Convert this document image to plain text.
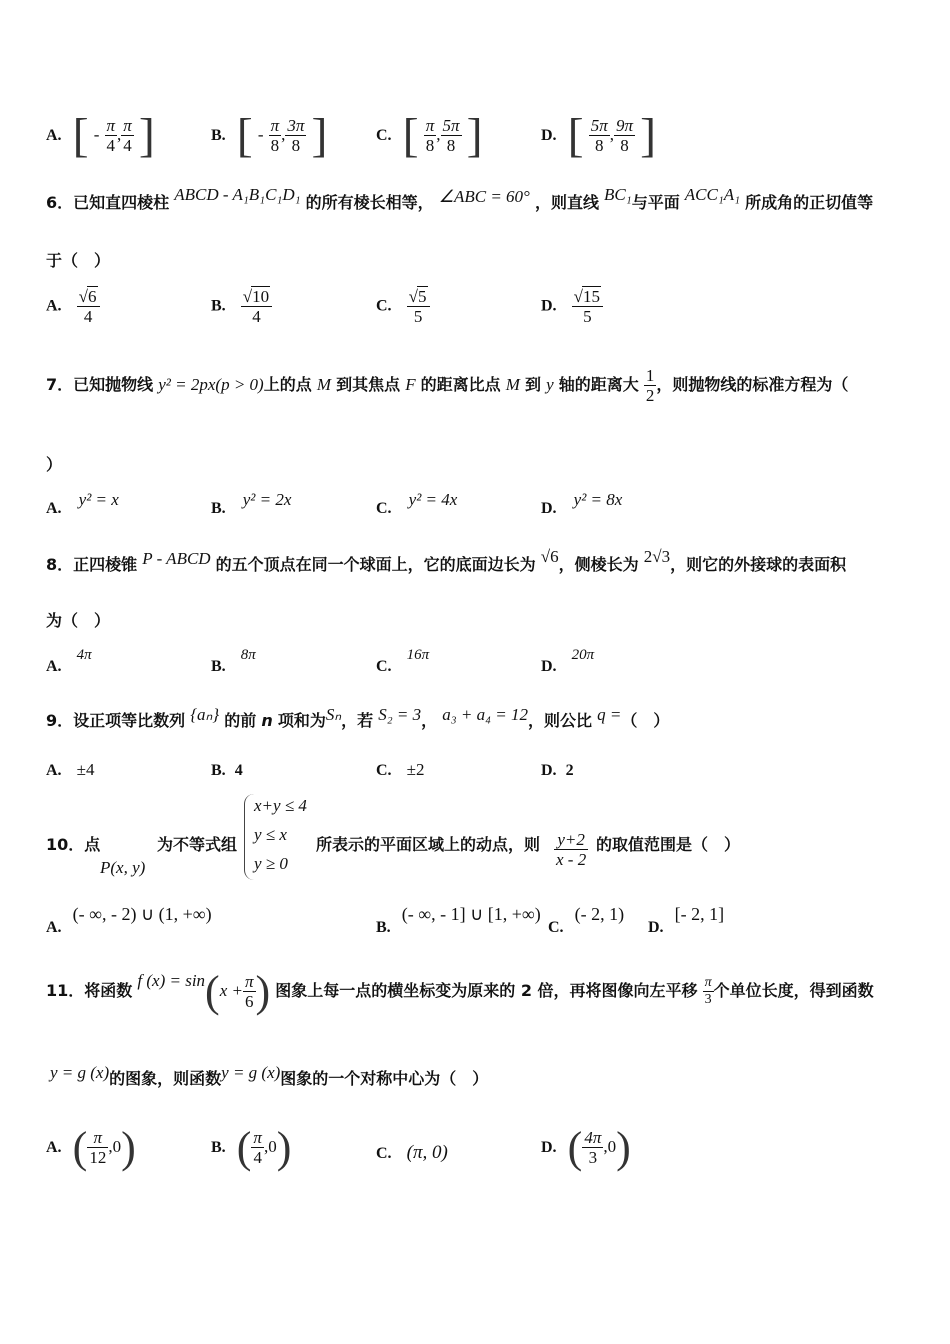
A. [ - $\frac{\pi}{4}$ , $\frac{\pi}{4}$ ]	B. [ - $\frac{\pi}{8}$ , $\frac{3\pi}{8}$ ]	C. [ $\frac{\pi}{8}$ , $\frac{5\pi}{8}$ ]	D. [ $\frac{5\pi}{8}$ , $\frac{9\pi}{8}$ ]
6．已知直四棱柱 ABCD - A₁B₁C₁D₁ 的所有棱长相等， ∠ABC = 60° ，则直线 BC₁与平面 ACC₁A₁ 所成角的正切值等
于（　）
A. $\frac{√6}{4}$	B. $\frac{√10}{4}$	C. $\frac{√5}{5}$	D. $\frac{√15}{5}$
7．已知抛物线 y² = 2px(p > 0)上的点 M 到其焦点 F 的距离比点 M 到 y 轴的距离大 $\frac{1}{2}$ ，则抛物线的标准方程为（
）
A. y² = x	B. y² = 2x	C. y² = 4x	D. y² = 8x
8．正四棱锥 P - ABCD 的五个顶点在同一个球面上，它的底面边长为 √6，侧棱长为 2√3，则它的外接球的表面积
为（　）
A. 4π
B. 8π
C. 16π
D. 20π
9．设正项等比数列 {aₙ} 的前 n 项和为Sₙ，若 S₂ = 3， a₃ + a₄ = 12，则公比 q =（　）
A. ±4	B. 4	C. ±2	D. 2
10．点
P(x, y)
为不等式组
x+y ≤ 4
y ≤ x
y ≥ 0
所表示的平面区域上的动点，则 $\frac{y+2}{x - 2}$ 的取值范围是（　）
A. (- ∞, - 2) ∪ (1, +∞)
B. (- ∞, - 1] ∪ [1, +∞)
C. (- 2, 1)
D. [- 2, 1]
11．将函数 f $(x) = \sin(x + \frac{\pi}{6}$ ) 图象上每一点的横坐标变为原来的 2 倍，再将图像向左平移 $\frac{\pi}{3}$ 个单位长度，得到函数
y = g (x)的图象，则函数y = g (x)图象的一个对称中心为（　）
A. ( $\frac{\pi}{12} ,0$)	B. ( $\frac{\pi}{4} ,0$)	C. (π, 0)	D. ( $\frac{4\pi}{3} ,0$)
